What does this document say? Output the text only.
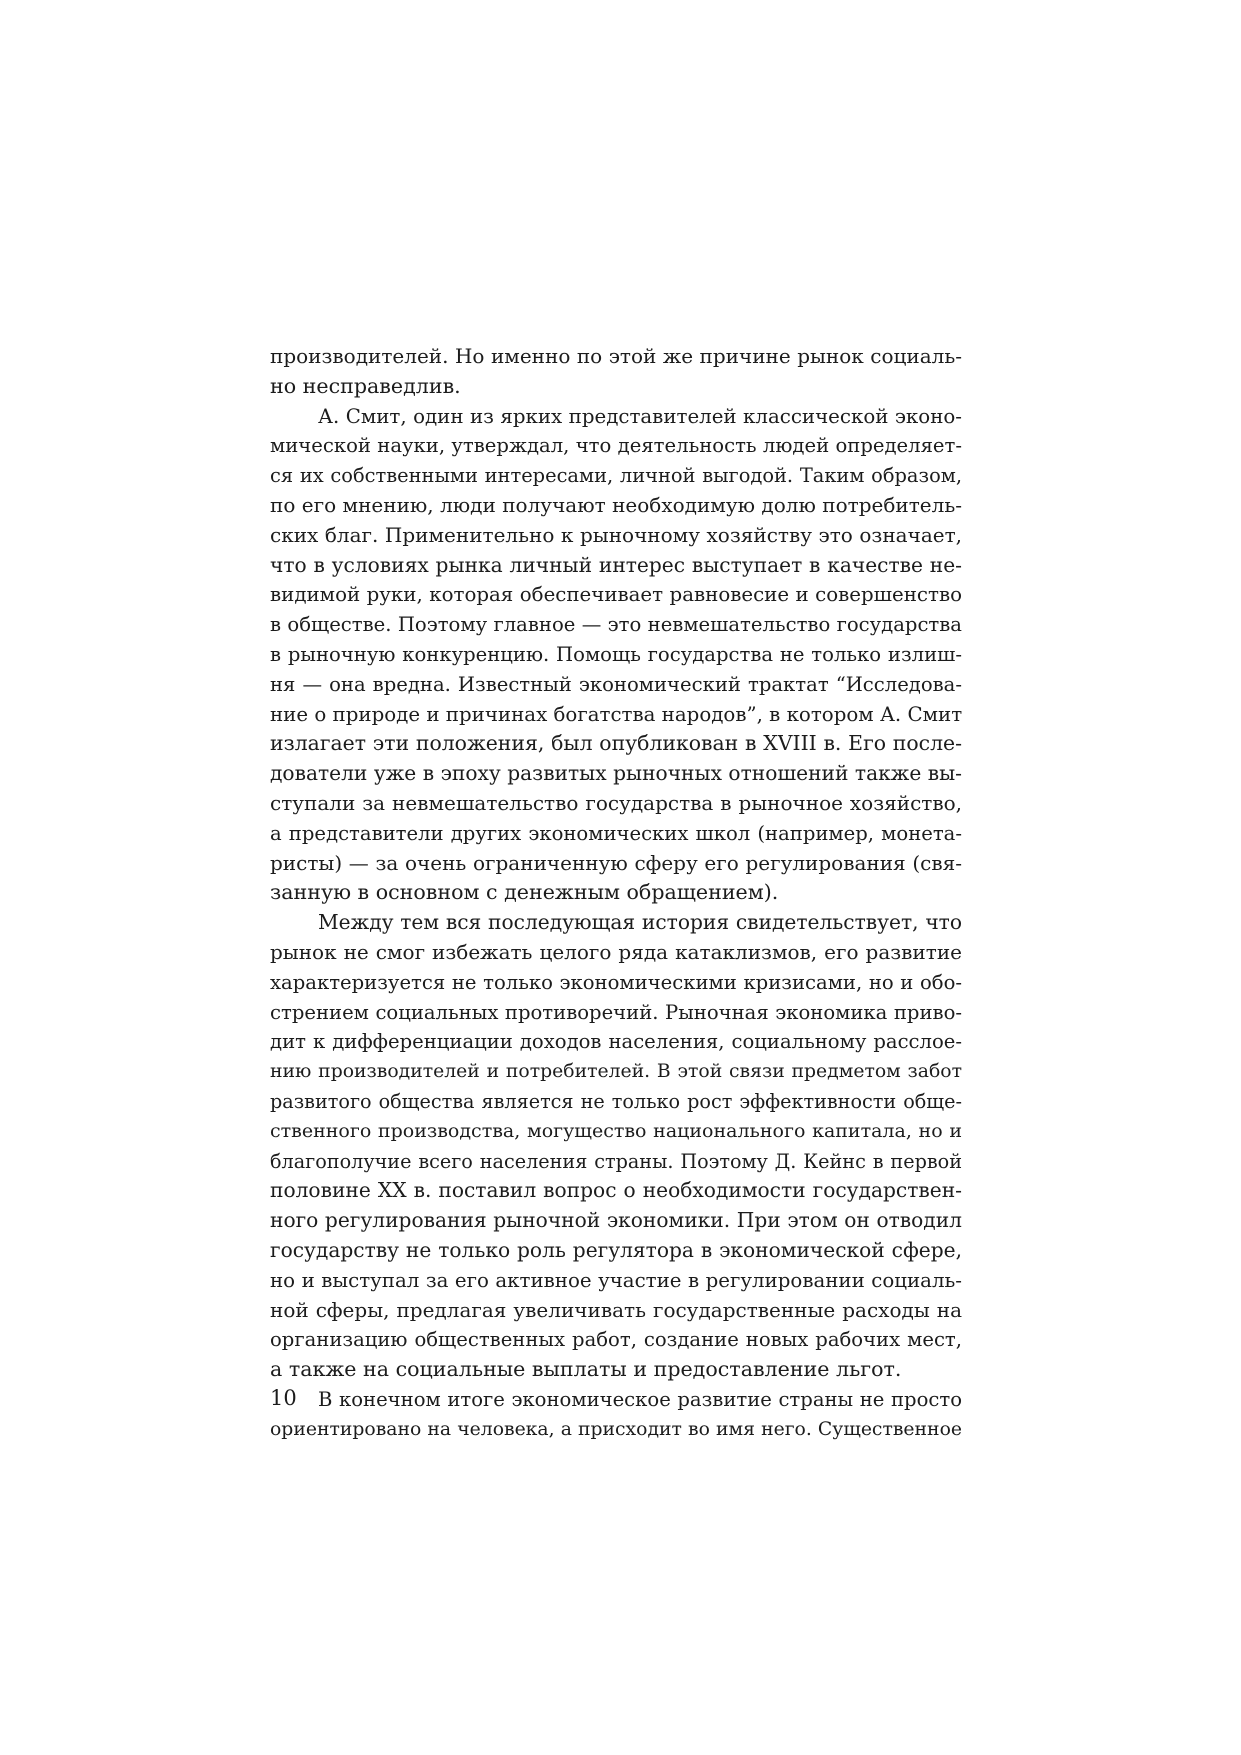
производителей. Но именно по этой же причине рынок социаль-
но несправедлив.
А. Смит, один из ярких представителей классической эконо-
мической науки, утверждал, что деятельность людей определяет-
ся их собственными интересами, личной выгодой. Таким образом,
по его мнению, люди получают необходимую долю потребитель-
ских благ. Применительно к рыночному хозяйству это означает,
что в условиях рынка личный интерес выступает в качестве не-
видимой руки, которая обеспечивает равновесие и совершенство
в обществе. Поэтому главное — это невмешательство государства
в рыночную конкуренцию. Помощь государства не только излиш-
ня — она вредна. Известный экономический трактат “Исследова-
ние о природе и причинах богатства народов”, в котором А. Смит
излагает эти положения, был опубликован в XVIII в. Его после-
дователи уже в эпоху развитых рыночных отношений также вы-
ступали за невмешательство государства в рыночное хозяйство,
а представители других экономических школ (например, монета-
ристы) — за очень ограниченную сферу его регулирования (свя-
занную в основном с денежным обращением).
Между тем вся последующая история свидетельствует, что
рынок не смог избежать целого ряда катаклизмов, его развитие
характеризуется не только экономическими кризисами, но и обо-
стрением социальных противоречий. Рыночная экономика приво-
дит к дифференциации доходов населения, социальному расслое-
нию производителей и потребителей. В этой связи предметом забот
развитого общества является не только рост эффективности обще-
ственного производства, могущество национального капитала, но и
благополучие всего населения страны. Поэтому Д. Кейнс в первой
половине XX в. поставил вопрос о необходимости государствен-
ного регулирования рыночной экономики. При этом он отводил
государству не только роль регулятора в экономической сфере,
но и выступал за его активное участие в регулировании социаль-
ной сферы, предлагая увеличивать государственные расходы на
организацию общественных работ, создание новых рабочих мест,
а также на социальные выплаты и предоставление льгот.
В конечном итоге экономическое развитие страны не просто
ориентировано на человека, а присходит во имя него. Существенное
10
